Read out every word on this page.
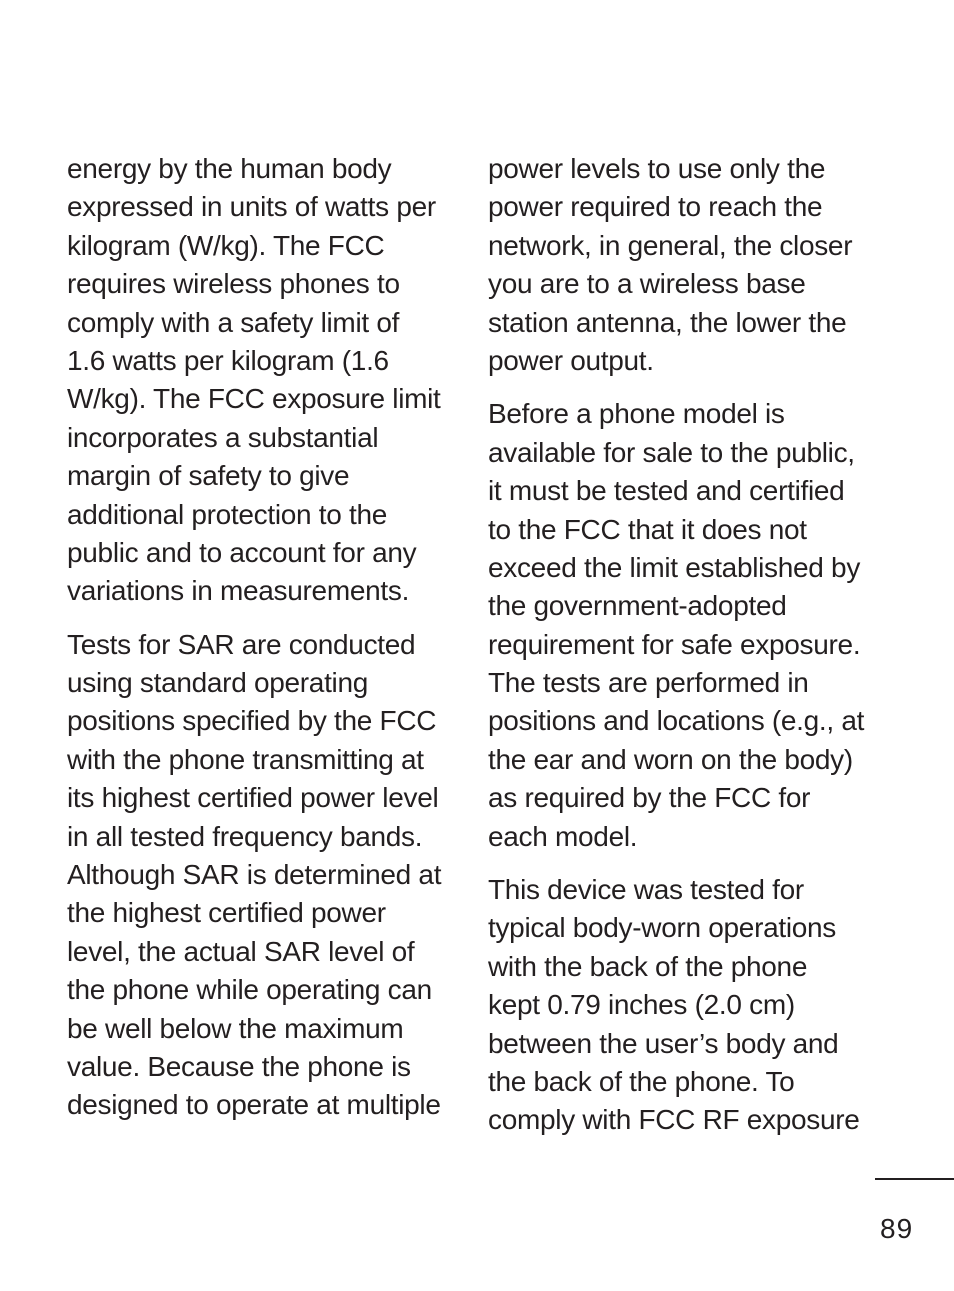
energy by the human body
expressed in units of watts per
kilogram (W/kg). The FCC
requires wireless phones to
comply with a safety limit of
1.6 watts per kilogram (1.6
W/kg). The FCC exposure limit
incorporates a substantial
margin of safety to give
additional protection to the
public and to account for any
variations in measurements.
Tests for SAR are conducted
using standard operating
positions specified by the FCC
with the phone transmitting at
its highest certified power level
in all tested frequency bands.
Although SAR is determined at
the highest certified power
level, the actual SAR level of
the phone while operating can
be well below the maximum
value. Because the phone is
designed to operate at multiple
power levels to use only the
power required to reach the
network, in general, the closer
you are to a wireless base
station antenna, the lower the
power output.
Before a phone model is
available for sale to the public,
it must be tested and certified
to the FCC that it does not
exceed the limit established by
the government-adopted
requirement for safe exposure.
The tests are performed in
positions and locations (e.g., at
the ear and worn on the body)
as required by the FCC for
each model.
This device was tested for
typical body-worn operations
with the back of the phone
kept 0.79 inches (2.0 cm)
between the user’s body and
the back of the phone. To
comply with FCC RF exposure
89
